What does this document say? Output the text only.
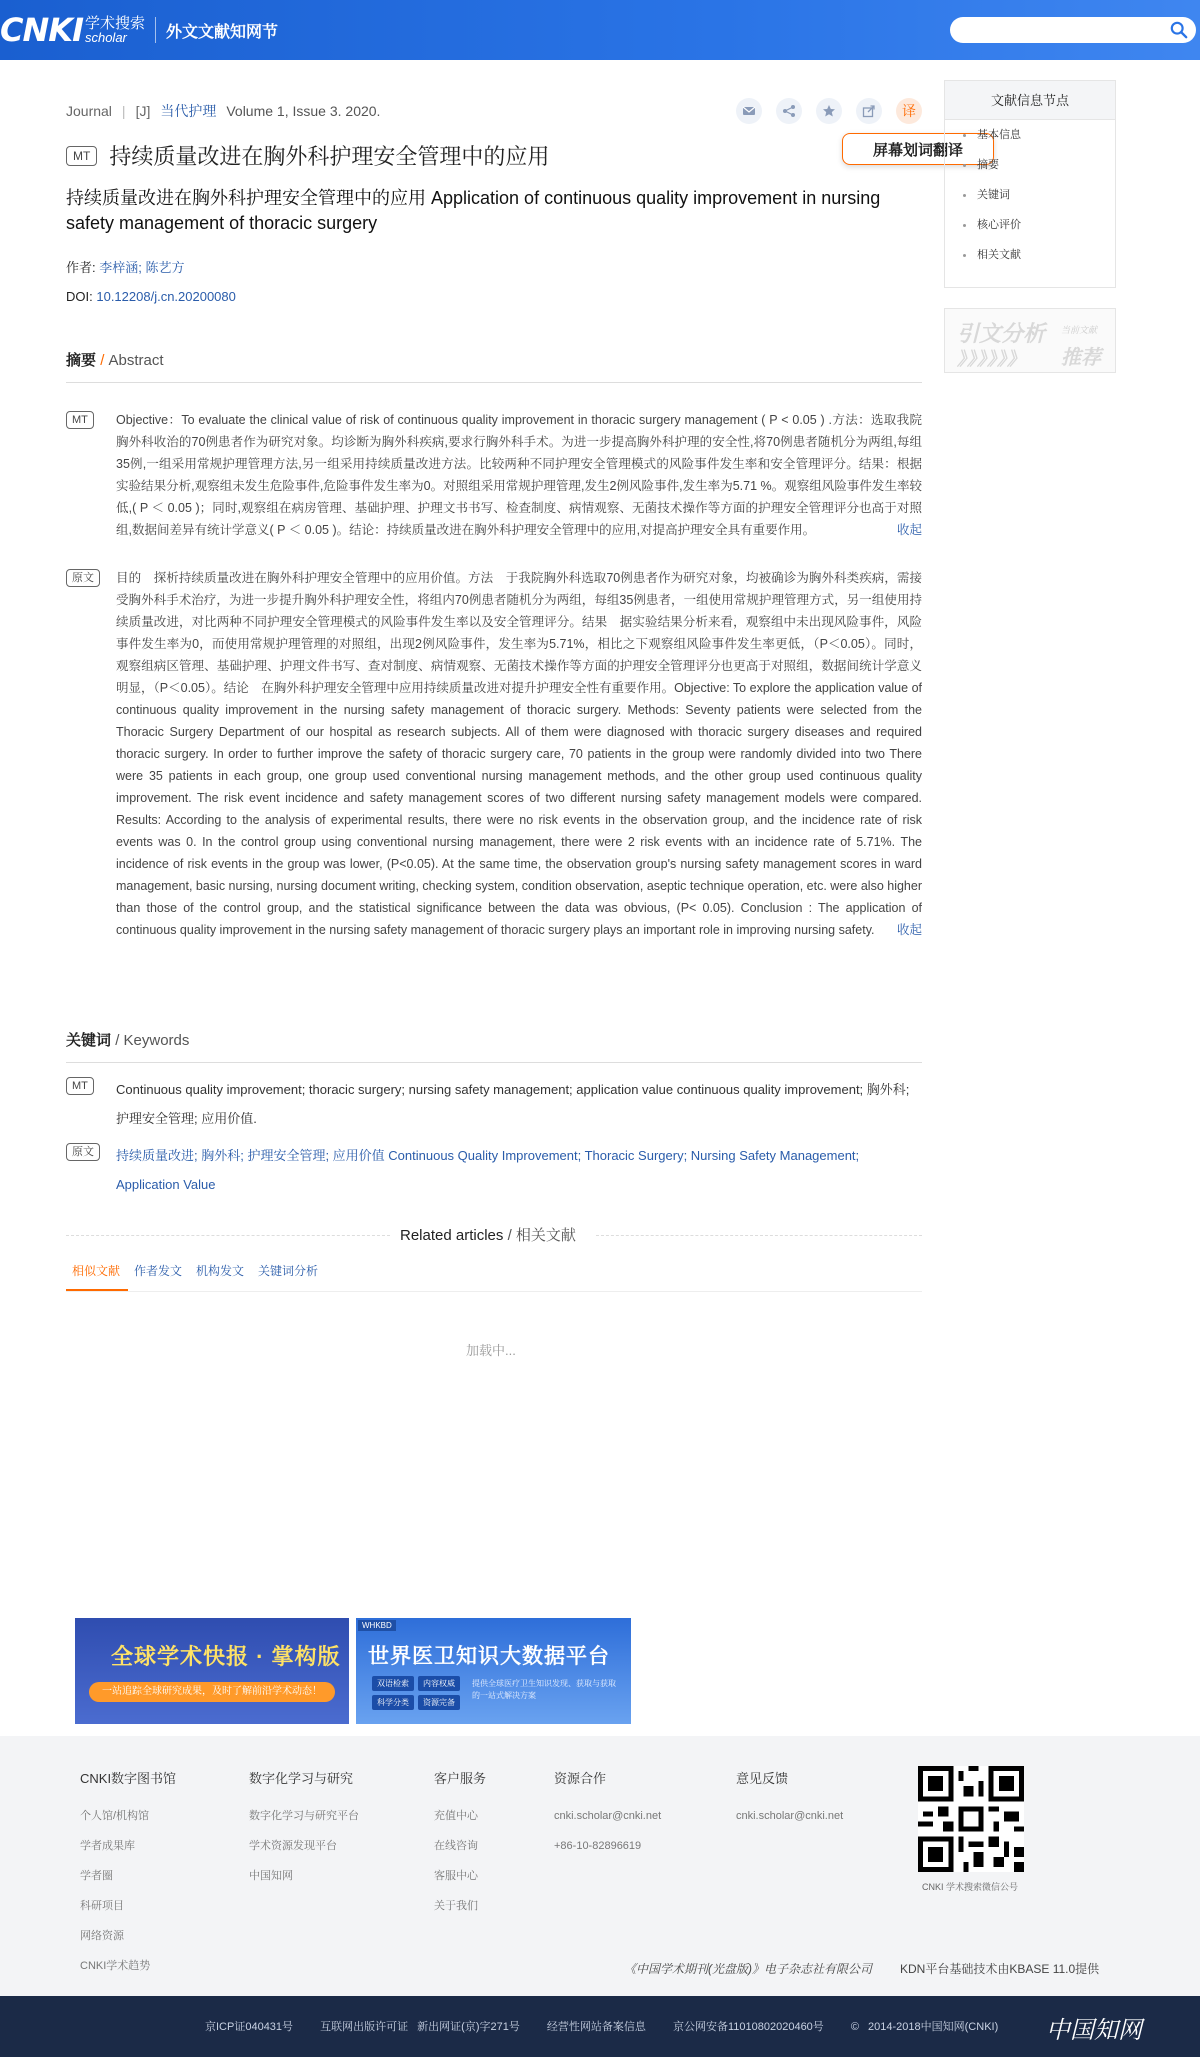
CNKI 学术搜索
scholar	外文文献知网节
Journal | [J] 当代护理 Volume 1, Issue 3. 2020.	译
屏幕划词翻译
MT 持续质量改进在胸外科护理安全管理中的应用
持续质量改进在胸外科护理安全管理中的应用 Application of continuous quality improvement in nursing safety management of thoracic surgery
作者: 李梓涵; 陈艺方
DOI: 10.12208/j.cn.20200080
摘要 / Abstract
MT	Objective：To evaluate the clinical value of risk of continuous quality improvement in thoracic surgery management ( P < 0.05 ) .方法：选取我院胸外科收治的70例患者作为研究对象。均诊断为胸外科疾病,要求行胸外科手术。为进一步提高胸外科护理的安全性,将70例患者随机分为两组,每组35例,一组采用常规护理管理方法,另一组采用持续质量改进方法。比较两种不同护理安全管理模式的风险事件发生率和安全管理评分。结果：根据实验结果分析,观察组未发生危险事件,危险事件发生率为0。对照组采用常规护理管理,发生2例风险事件,发生率为5.71 %。观察组风险事件发生率较低,( P ＜ 0.05 )；同时,观察组在病房管理、基础护理、护理文书书写、检查制度、病情观察、无菌技术操作等方面的护理安全管理评分也高于对照组,数据间差异有统计学意义( P ＜ 0.05 )。结论：持续质量改进在胸外科护理安全管理中的应用,对提高护理安全具有重要作用。	收起
原文	目的　探析持续质量改进在胸外科护理安全管理中的应用价值。方法　于我院胸外科选取70例患者作为研究对象，均被确诊为胸外科类疾病，需接受胸外科手术治疗，为进一步提升胸外科护理安全性，将组内70例患者随机分为两组，每组35例患者，一组使用常规护理管理方式，另一组使用持续质量改进，对比两种不同护理安全管理模式的风险事件发生率以及安全管理评分。结果　据实验结果分析来看，观察组中未出现风险事件，风险事件发生率为0，而使用常规护理管理的对照组，出现2例风险事件，发生率为5.71%，相比之下观察组风险事件发生率更低，（P＜0.05）。同时，观察组病区管理、基础护理、护理文件书写、查对制度、病情观察、无菌技术操作等方面的护理安全管理评分也更高于对照组，数据间统计学意义明显，（P＜0.05）。结论　在胸外科护理安全管理中应用持续质量改进对提升护理安全性有重要作用。Objective: To explore the application value of continuous quality improvement in the nursing safety management of thoracic surgery. Methods: Seventy patients were selected from the Thoracic Surgery Department of our hospital as research subjects. All of them were diagnosed with thoracic surgery diseases and required thoracic surgery. In order to further improve the safety of thoracic surgery care, 70 patients in the group were randomly divided into two There were 35 patients in each group, one group used conventional nursing management methods, and the other group used continuous quality improvement. The risk event incidence and safety management scores of two different nursing safety management models were compared. Results: According to the analysis of experimental results, there were no risk events in the observation group, and the incidence rate of risk events was 0. In the control group using conventional nursing management, there were 2 risk events with an incidence rate of 5.71%. The incidence of risk events in the group was lower, (P<0.05). At the same time, the observation group's nursing safety management scores in ward management, basic nursing, nursing document writing, checking system, condition observation, aseptic technique operation, etc. were also higher than those of the control group, and the statistical significance between the data was obvious, (P< 0.05). Conclusion : The application of continuous quality improvement in the nursing safety management of thoracic surgery plays an important role in improving nursing safety. 收起
关键词 / Keywords
MT	Continuous quality improvement; thoracic surgery; nursing safety management; application value continuous quality improvement; 胸外科; 护理安全管理; 应用价值.
原文	持续质量改进; 胸外科; 护理安全管理; 应用价值 Continuous Quality Improvement; Thoracic Surgery; Nursing Safety Management; Application Value
Related articles / 相关文献
相似文献	作者发文	机构发文	关键词分析
加载中...
全球学术快报 · 掌构版
一站追踪全球研究成果，及时了解前沿学术动态！
WHKBD
世界医卫知识大数据平台
双语检索	内容权威
科学分类	资源完备
提供全球医疗卫生知识发现、获取与获取的一站式解决方案
文献信息节点
基本信息
摘要
关键词
核心评价
相关文献
引文分析 当前文献
》》》》》》 推荐
CNKI数字图书馆
个人馆/机构馆
学者成果库
学者圈
科研项目
网络资源
CNKI学术趋势
数字化学习与研究
数字化学习与研究平台
学术资源发现平台
中国知网
客户服务
充值中心
在线咨询
客服中心
关于我们
资源合作
cnki.scholar@cnki.net
+86-10-82896619
意见反馈
cnki.scholar@cnki.net
CNKI 学术搜索微信公号
《中国学术期刊(光盘版)》电子杂志社有限公司 KDN平台基础技术由KBASE 11.0提供
京ICP证040431号 互联网出版许可证 新出网证(京)字271号 经营性网站备案信息 京公网安备11010802020460号 © 2014-2018中国知网(CNKI)	中国知网
